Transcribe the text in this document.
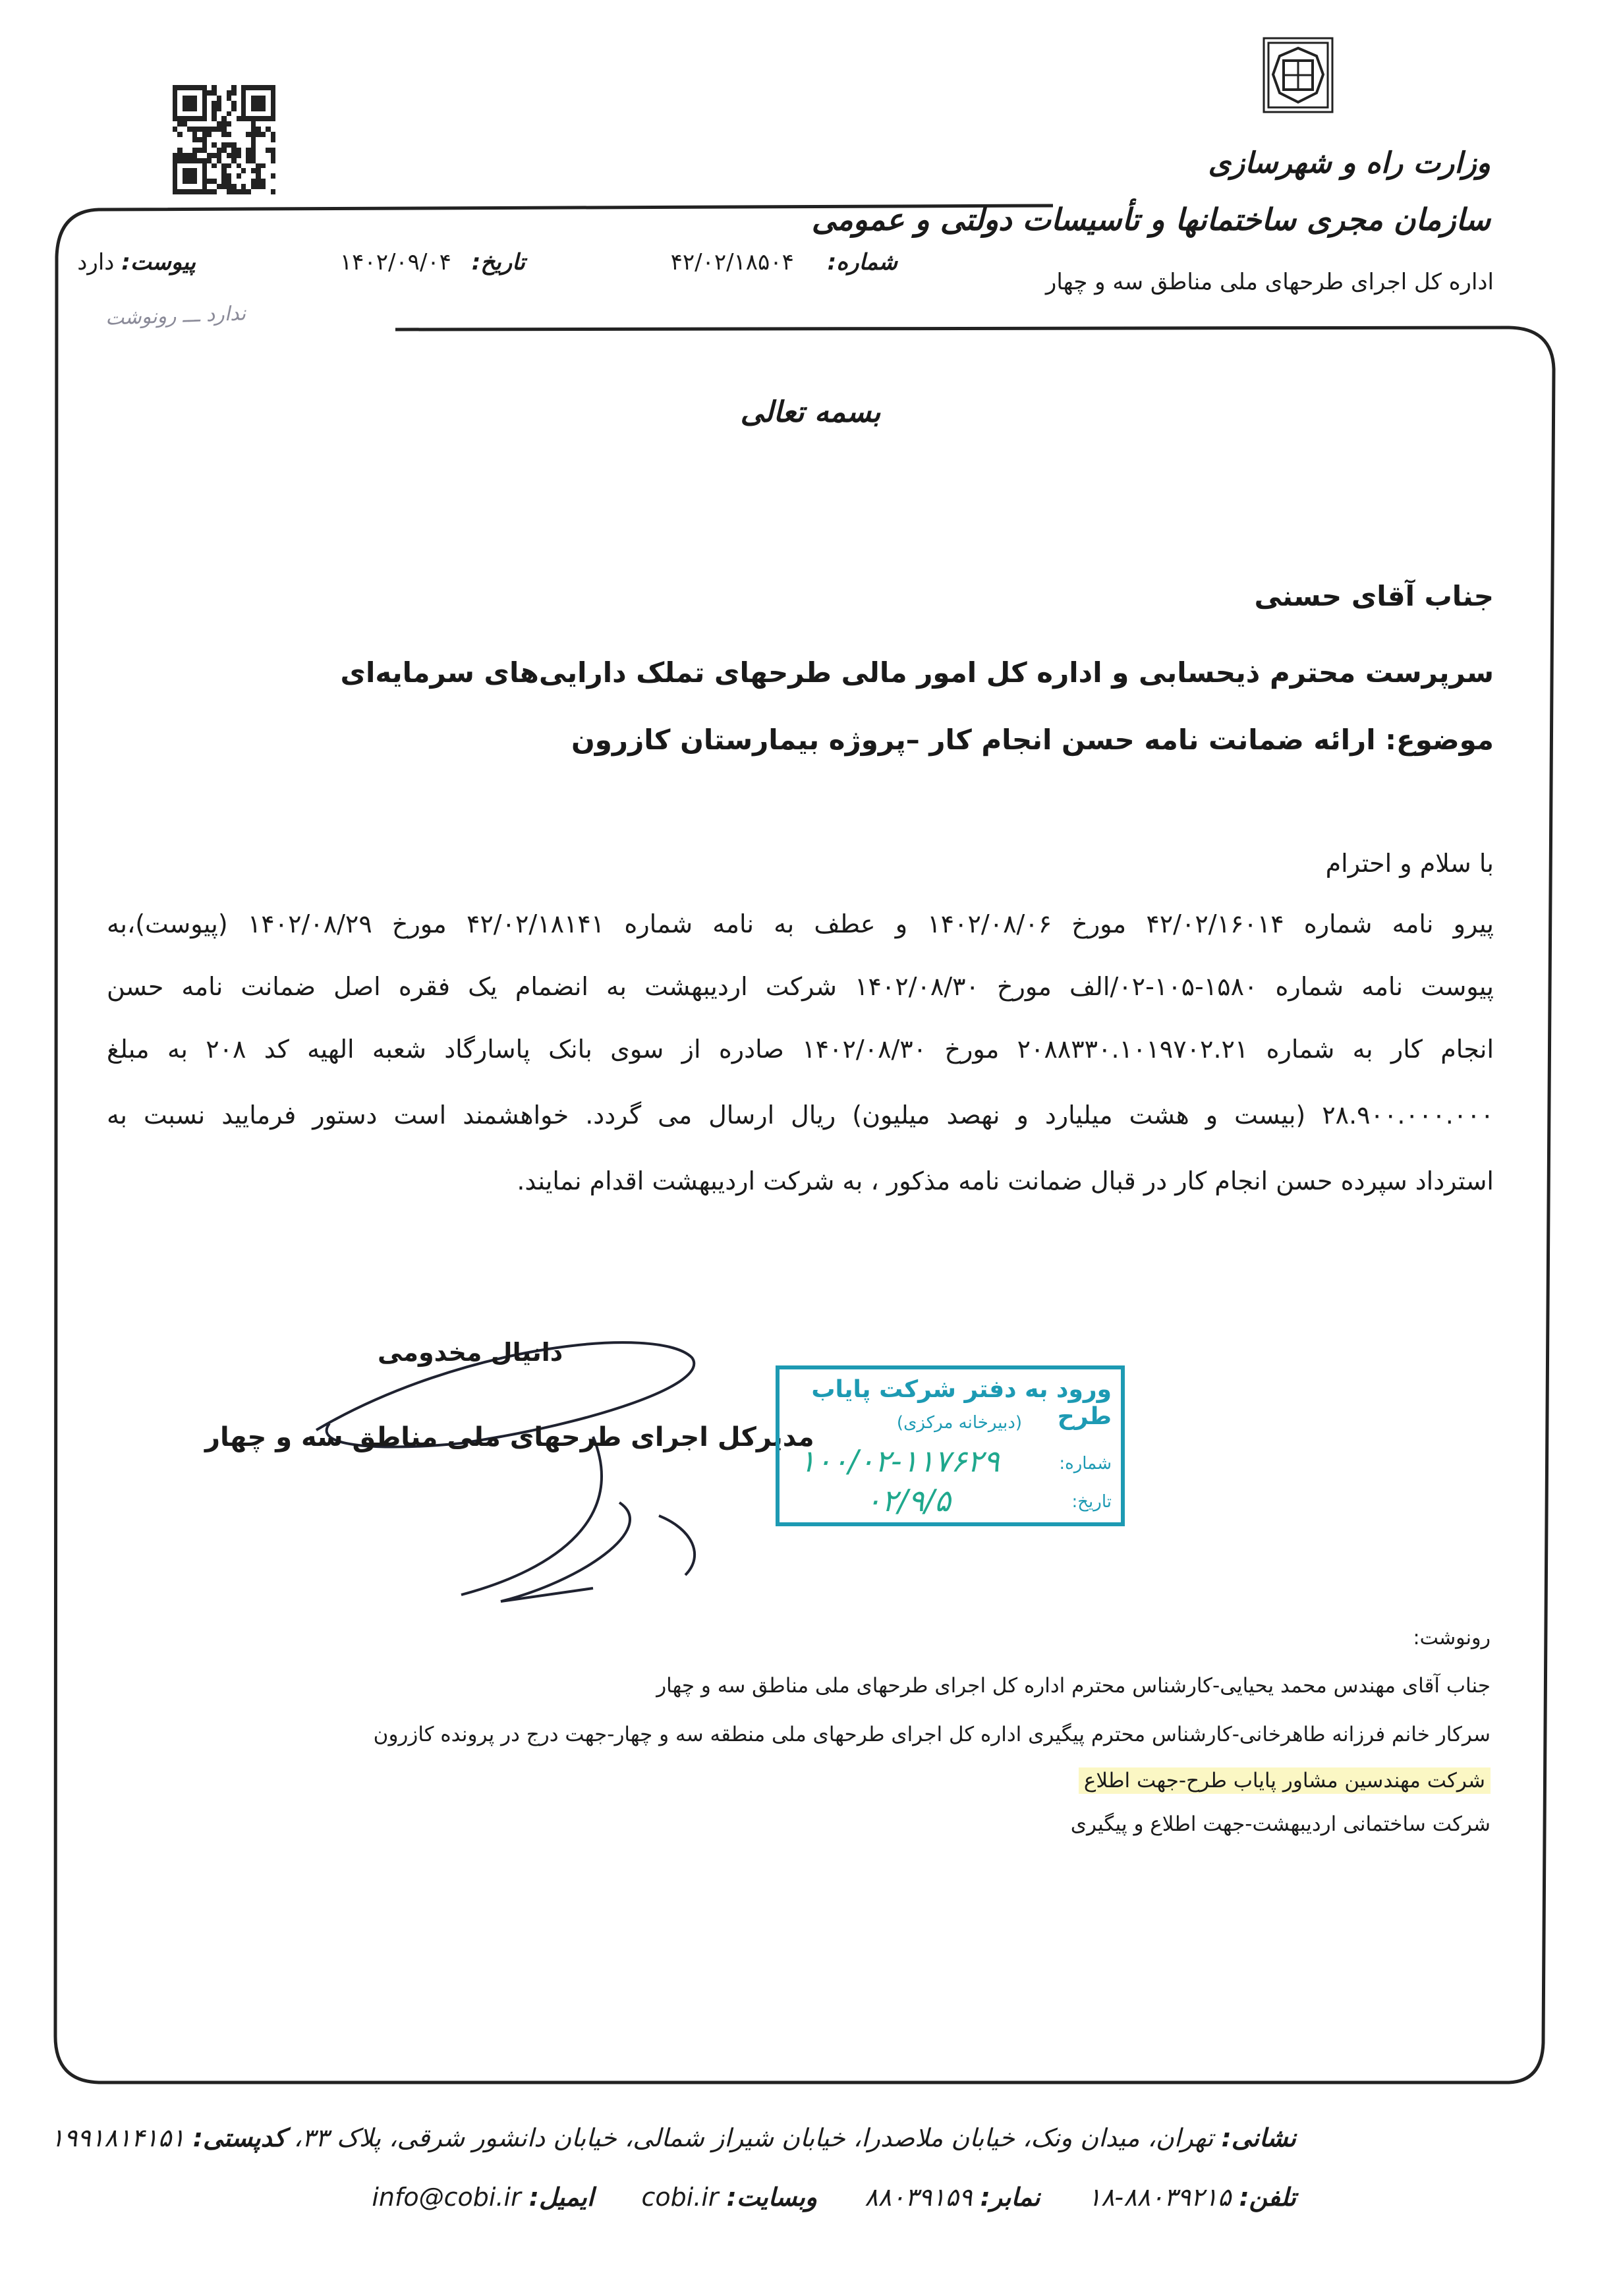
وزارت راه و شهرسازی
سازمان مجری ساختمانها و تأسیسات دولتی و عمومی
اداره کل اجرای طرحهای ملی مناطق سه و چهار
شماره: ۴۲/۰۲/۱۸۵۰۴
تاریخ: ۱۴۰۲/۰۹/۰۴
پیوست: دارد
ندارد ـــ رونوشت
بسمه تعالی
جناب آقای حسنی
سرپرست محترم ذیحسابی و اداره کل امور مالی طرحهای تملک دارایی‌های سرمایه‌ای
موضوع: ارائه ضمانت نامه حسن انجام کار –پروژه بیمارستان کازرون
با سلام و احترام
پیرو نامه شماره ۴۲/۰۲/۱۶۰۱۴ مورخ ۱۴۰۲/۰۸/۰۶ و عطف به نامه شماره ۴۲/۰۲/۱۸۱۴۱ مورخ ۱۴۰۲/۰۸/۲۹ (پیوست)،به
پیوست نامه شماره ۱۵۸۰-۱۰۵-۰۲/الف مورخ ۱۴۰۲/۰۸/۳۰ شرکت اردیبهشت به انضمام یک فقره اصل ضمانت نامه حسن
انجام کار به شماره ۲۰۸۸۳۳۰.۱۰۱۹۷۰۲.۲۱ مورخ ۱۴۰۲/۰۸/۳۰ صادره از سوی بانک پاسارگاد شعبه الهیه کد ۲۰۸ به مبلغ
۲۸.۹۰۰.۰۰۰.۰۰۰ (بیست و هشت میلیارد و نهصد میلیون) ریال ارسال می گردد. خواهشمند است دستور فرمایید نسبت به
استرداد سپرده حسن انجام کار در قبال ضمانت نامه مذکور ، به شرکت اردیبهشت اقدام نمایند.
دانیال مخدومی
مدیرکل اجرای طرحهای ملی مناطق سه و چهار
ورود به دفتر شرکت پایاب طرح
(دبیرخانه مرکزی)
شماره:
۱۰۰/۰۲-۱۱۷۶۲۹
تاریخ:
۰۲/۹/۵
رونوشت:
جناب آقای مهندس محمد یحیایی-کارشناس محترم اداره کل اجرای طرحهای ملی مناطق سه و چهار
سرکار خانم فرزانه طاهرخانی-کارشناس محترم پیگیری اداره کل اجرای طرحهای ملی منطقه سه و چهار-جهت درج در پرونده کازرون
شرکت مهندسین مشاور پایاب طرح-جهت اطلاع
شرکت ساختمانی اردیبهشت-جهت اطلاع و پیگیری
نشانی: تهران، میدان ونک، خیابان ملاصدرا، خیابان شیراز شمالی، خیابان دانشور شرقی، پلاک ۳۳، کدپستی: ۱۹۹۱۸۱۴۱۵۱
تلفن: ۸۸۰۳۹۲۱۵-۱۸ نمابر: ۸۸۰۳۹۱۵۹ وبسایت: cobi.ir ایمیل: info@cobi.ir
